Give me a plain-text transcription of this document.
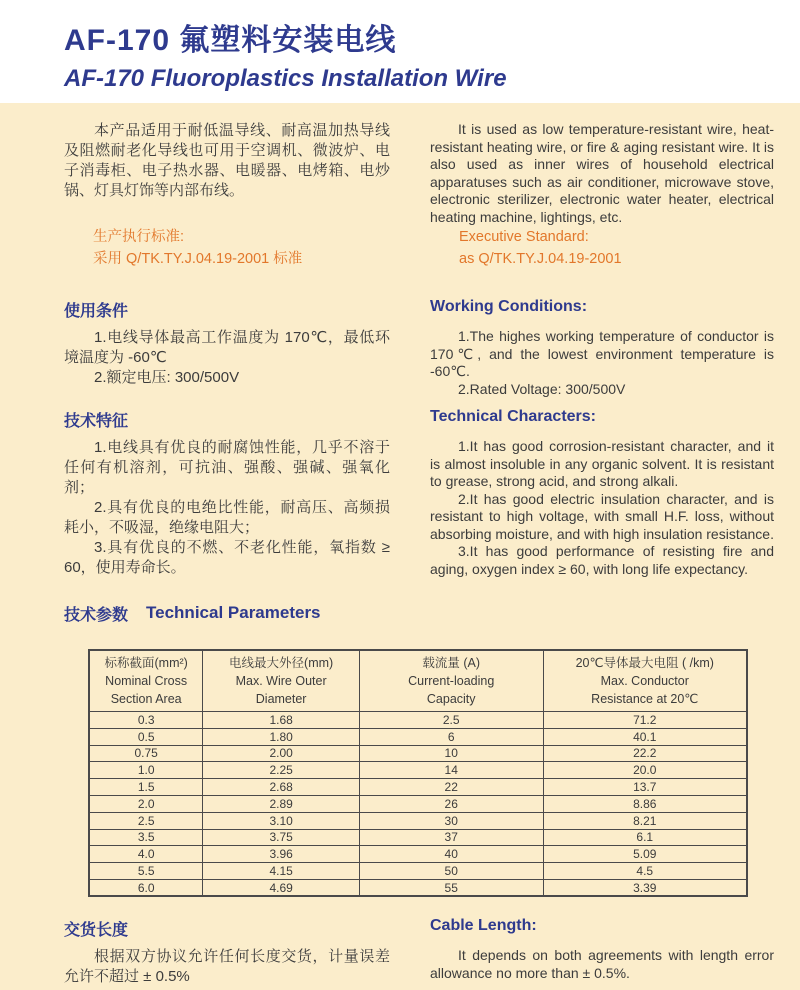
AF-170 氟塑料安装电线
AF-170 Fluoroplastics Installation Wire

本产品适用于耐低温导线、耐高温加热导线及阻燃耐老化导线也可用于空调机、微波炉、电子消毒柜、电子热水器、电暖器、电烤箱、电炒锅、灯具灯饰等内部布线。

It is used as low temperature-resistant wire, heat-resistant heating wire, or fire & aging resistant wire. It is also used as inner wires of household electrical apparatuses such as air conditioner, microwave stove, electronic sterilizer, electronic water heater, electrical heating machine, lightings, etc.

生产执行标准:
采用 Q/TK.TY.J.04.19-2001 标准
Executive Standard:
as Q/TK.TY.J.04.19-2001
使用条件	Working Conditions:

1.电线导体最高工作温度为 170℃，最低环境温度为 -60℃

2.额定电压: 300/500V

1.The highes working temperature of conductor is 170℃, and the lowest environment temperature is -60℃.

2.Rated Voltage: 300/500V

技术特征	Technical Characters:

1.电线具有优良的耐腐蚀性能，几乎不溶于任何有机溶剂，可抗油、强酸、强碱、强氧化剂；

2.具有优良的电绝比性能，耐高压、高频损耗小，不吸湿，绝缘电阻大；

3.具有优良的不燃、不老化性能，氧指数 ≥ 60，使用寿命长。

1.It has good corrosion-resistant character, and it is almost insoluble in any organic solvent. It is resistant to grease, strong acid, and strong alkali.

2.It has good electric insulation character, and is resistant to high voltage, with small H.F. loss, without absorbing moisture, and with high insulation resistance.

3.It has good performance of resisting fire and aging, oxygen index ≥ 60, with long life expectancy.

技术参数 Technical Parameters
标称截面(mm²)
Nominal Cross
Section Area

电线最大外径(mm)
Max. Wire Outer
Diameter

载流量 (A)
Current-loading
Capacity

20℃导体最大电阻 ( /km)
Max. Conductor
Resistance at 20℃

0.3	1.68	2.5	71.2
0.5	1.80	6	40.1
0.75	2.00	10	22.2
1.0	2.25	14	20.0
1.5	2.68	22	13.7
2.0	2.89	26	8.86
2.5	3.10	30	8.21
3.5	3.75	37	6.1
4.0	3.96	40	5.09
5.5	4.15	50	4.5
6.0	4.69	55	3.39
交货长度	Cable Length:

根据双方协议允许任何长度交货，计量误差允许不超过 ± 0.5%

It depends on both agreements with length error allowance no more than ± 0.5%.
